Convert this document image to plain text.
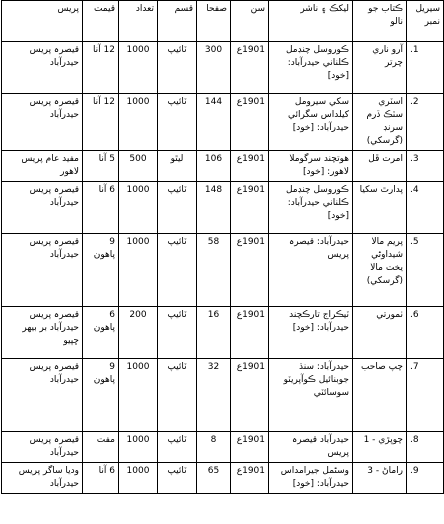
سيريل نمبر	ڪتاب جو نالو	ليکڪ ۽ ناشر	سن	صفحا	قسم	تعداد	قيمت	پريس
1.	آرو ناري چرتر	ڪوروسل چنڊمل ڪلناني حيدرآباد: [خود]	1901ع	300	ٽائيپ	1000	12 آنا	قيصرہ پريس حيدرآباد
2.	اسٽري سٽڪ ڏرم سرنڊ (گرسکي)	سکي سيرومل کيلداس سگرائي حيدرآباد: [خود]	1901ع	144	ٽائيپ	1000	12 آنا	قيصرہ پريس حيدرآباد
3.	امرت ڦل	هوتچند سرگوملا لاهور: [خود]	1901ع	106	ليٿو	500	5 آنا	مفيد عام پريس لاهور
4.	پدارٿ سکيا	ڪوروسل چنڊمل ڪلناني حيدرآباد: [خود]	1901ع	148	ٽائيپ	1000	6 آنا	قيصرہ پريس حيدرآباد
5.	پريم مالا شيداوڻي يخت مالا (گرسکي)	حيدرآباد: قيصرہ پريس	1901ع	58	ٽائيپ	1000	9 پاهون	قيصرہ پريس حيدرآباد
6.	ٺمورتي	ٽيڪراج تارڪچند حيدرآباد: [خود]	1901ع	16	ٽائيپ	200	6 پاهون	قيصرہ پريس حيدرآباد بر بيهر ڇپيو
7.	چپ صاحب	حيدرآباد: سنڌ جوبنائيل ڪوآپريٽو سوسائٽي	1901ع	32	ٽائيپ	1000	9 پاهون	قيصرہ پريس حيدرآباد
8.	چوپڙي - 1	حيدرآباد قيصرہ پريس	1901ع	8	ٽائيپ	1000	مفت	قيصرہ پريس حيدرآباد
9.	راماڻ - 3	وسڻمل جيرامداس حيدرآباد: [خود]	1901ع	65	ٽائيپ	1000	6 آنا	وديا ساگر پريس حيدرآباد
